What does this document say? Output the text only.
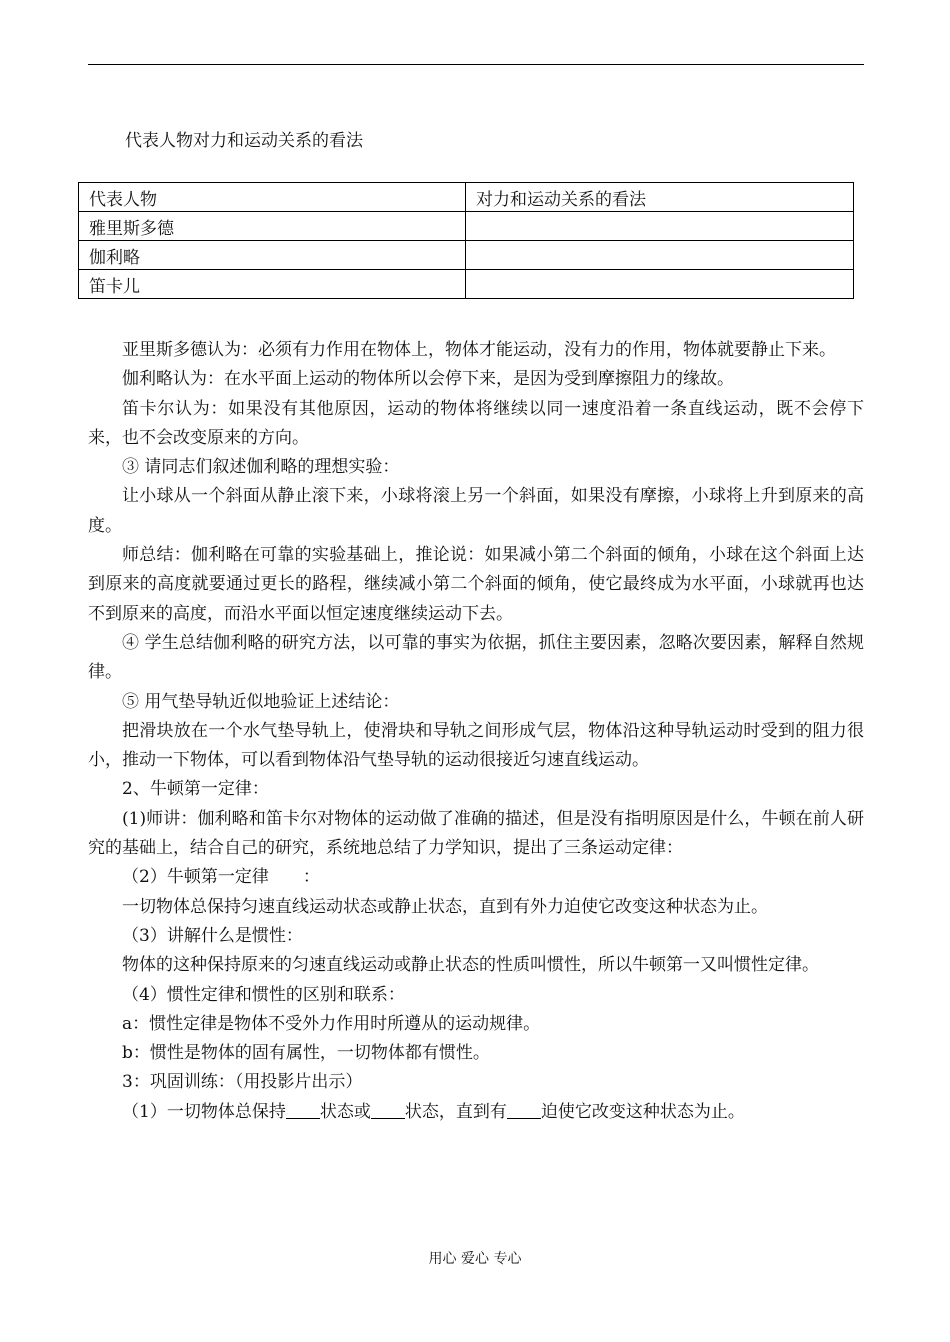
代表人物对力和运动关系的看法
代表人物	对力和运动关系的看法
雅里斯多德	
伽利略	
笛卡儿	

亚里斯多德认为：必须有力作用在物体上，物体才能运动，没有力的作用，物体就要静止下来。

伽利略认为：在水平面上运动的物体所以会停下来，是因为受到摩擦阻力的缘故。

笛卡尔认为：如果没有其他原因，运动的物体将继续以同一速度沿着一条直线运动，既不会停下来，也不会改变原来的方向。

③ 请同志们叙述伽利略的理想实验：

让小球从一个斜面从静止滚下来，小球将滚上另一个斜面，如果没有摩擦，小球将上升到原来的高度。

师总结：伽利略在可靠的实验基础上，推论说：如果减小第二个斜面的倾角，小球在这个斜面上达到原来的高度就要通过更长的路程，继续减小第二个斜面的倾角，使它最终成为水平面，小球就再也达不到原来的高度，而沿水平面以恒定速度继续运动下去。

④ 学生总结伽利略的研究方法，以可靠的事实为依据，抓住主要因素，忽略次要因素，解释自然规律。

⑤ 用气垫导轨近似地验证上述结论：

把滑块放在一个水气垫导轨上，使滑块和导轨之间形成气层，物体沿这种导轨运动时受到的阻力很小，推动一下物体，可以看到物体沿气垫导轨的运动很接近匀速直线运动。

2、牛顿第一定律：

(1)师讲：伽利略和笛卡尔对物体的运动做了准确的描述，但是没有指明原因是什么，牛顿在前人研究的基础上，结合自己的研究，系统地总结了力学知识，提出了三条运动定律：

（2）牛顿第一定律　　：

一切物体总保持匀速直线运动状态或静止状态，直到有外力迫使它改变这种状态为止。

（3）讲解什么是惯性：

物体的这种保持原来的匀速直线运动或静止状态的性质叫惯性，所以牛顿第一又叫惯性定律。

（4）惯性定律和惯性的区别和联系：

a：惯性定律是物体不受外力作用时所遵从的运动规律。

b：惯性是物体的固有属性，一切物体都有惯性。

3：巩固训练：（用投影片出示）

（1）一切物体总保持 状态或 状态，直到有 迫使它改变这种状态为止。

用心 爱心 专心
